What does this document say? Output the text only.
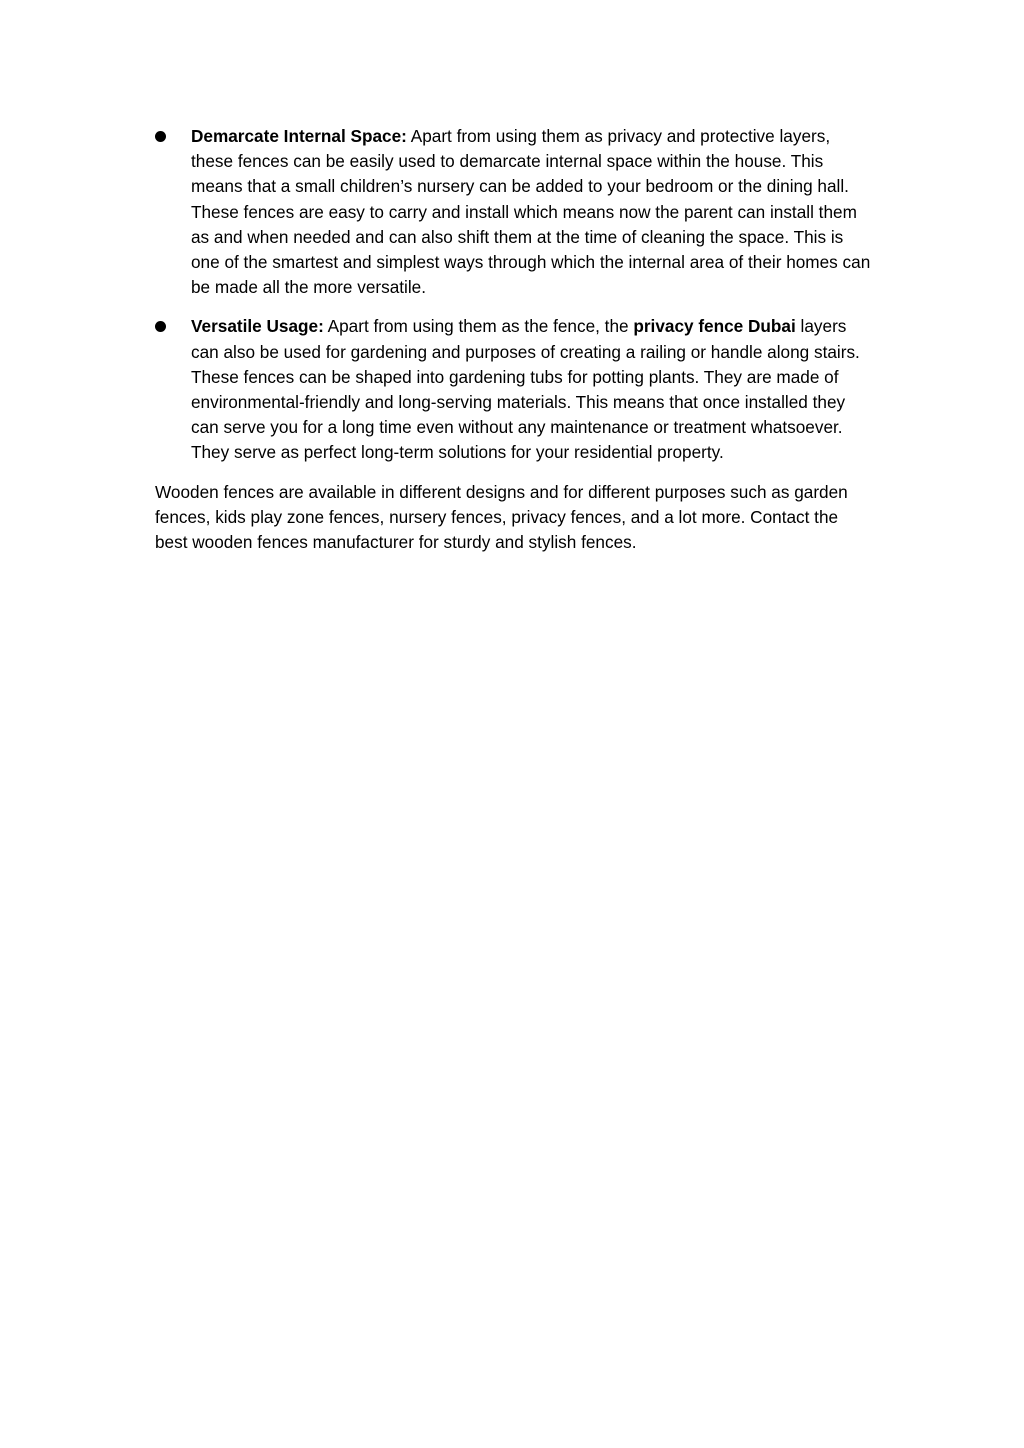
Demarcate Internal Space: Apart from using them as privacy and protective layers, these fences can be easily used to demarcate internal space within the house. This means that a small children’s nursery can be added to your bedroom or the dining hall. These fences are easy to carry and install which means now the parent can install them as and when needed and can also shift them at the time of cleaning the space. This is one of the smartest and simplest ways through which the internal area of their homes can be made all the more versatile.
Versatile Usage: Apart from using them as the fence, the privacy fence Dubai layers can also be used for gardening and purposes of creating a railing or handle along stairs. These fences can be shaped into gardening tubs for potting plants. They are made of environmental-friendly and long-serving materials. This means that once installed they can serve you for a long time even without any maintenance or treatment whatsoever. They serve as perfect long-term solutions for your residential property.

Wooden fences are available in different designs and for different purposes such as garden fences, kids play zone fences, nursery fences, privacy fences, and a lot more. Contact the best wooden fences manufacturer for sturdy and stylish fences.
